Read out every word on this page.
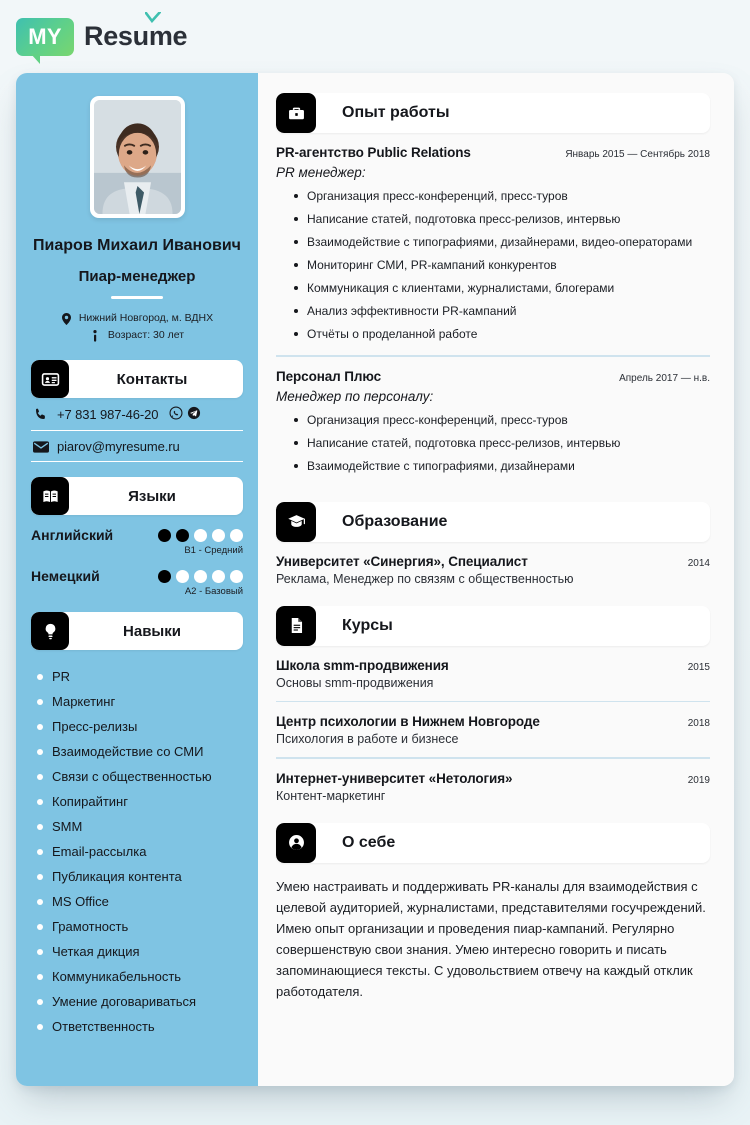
MY Resume
Пиаров Михаил Иванович
Пиар-менеджер
Нижний Новгород, м. ВДНХ
Возраст: 30 лет
Контакты
+7 831 987-46-20
piarov@myresume.ru
Языки
Английский
B1 - Средний
Немецкий
A2 - Базовый
Навыки
PR
Маркетинг
Пресс-релизы
Взаимодействие со СМИ
Связи с общественностью
Копирайтинг
SMM
Email-рассылка
Публикация контента
MS Office
Грамотность
Четкая дикция
Коммуникабельность
Умение договариваться
Ответственность
Опыт работы
PR-агентство Public Relations	Январь 2015 — Сентябрь 2018
PR менеджер:
Организация пресс-конференций, пресс-туров
Написание статей, подготовка пресс-релизов, интервью
Взаимодействие с типографиями, дизайнерами, видео-операторами
Мониторинг СМИ, PR-кампаний конкурентов
Коммуникация с клиентами, журналистами, блогерами
Анализ эффективности PR-кампаний
Отчёты о проделанной работе
Персонал Плюс	Апрель 2017 — н.в.
Менеджер по персоналу:
Организация пресс-конференций, пресс-туров
Написание статей, подготовка пресс-релизов, интервью
Взаимодействие с типографиями, дизайнерами
Образование
Университет «Синергия», Специалист	2014
Реклама, Менеджер по связям с общественностью
Курсы
Школа smm-продвижения	2015
Основы smm-продвижения
Центр психологии в Нижнем Новгороде	2018
Психология в работе и бизнесе
Интернет-университет «Нетология»	2019
Контент-маркетинг
О себе

Умею настраивать и поддерживать PR-каналы для взаимодействия с целевой аудиторией, журналистами, представителями госучреждений. Имею опыт организации и проведения пиар-кампаний. Регулярно совершенствую свои знания. Умею интересно говорить и писать запоминающиеся тексты. С удовольствием отвечу на каждый отклик работодателя.
